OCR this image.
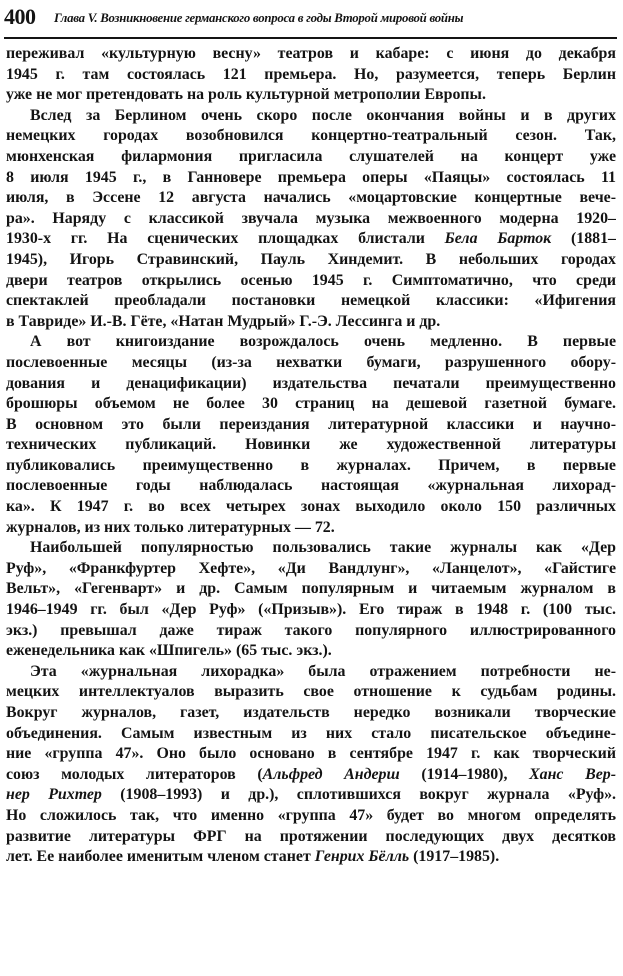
400 Глава V. Возникновение германского вопроса в годы Второй мировой войны
переживал «культурную весну» театров и кабаре: с июня до декабря
1945 г. там состоялась 121 премьера. Но, разумеется, теперь Берлин
уже не мог претендовать на роль культурной метрополии Европы.
Вслед за Берлином очень скоро после окончания войны и в других
немецких городах возобновился концертно-театральный сезон. Так,
мюнхенская филармония пригласила слушателей на концерт уже
8 июля 1945 г., в Ганновере премьера оперы «Паяцы» состоялась 11
июля, в Эссене 12 августа начались «моцартовские концертные вече-
ра». Наряду с классикой звучала музыка межвоенного модерна 1920–
1930-х гг. На сценических площадках блистали Бела Барток (1881–
1945), Игорь Стравинский, Пауль Хиндемит. В небольших городах
двери театров открылись осенью 1945 г. Симптоматично, что среди
спектаклей преобладали постановки немецкой классики: «Ифигения
в Тавриде» И.-В. Гёте, «Натан Мудрый» Г.-Э. Лессинга и др.
А вот книгоиздание возрождалось очень медленно. В первые
послевоенные месяцы (из-за нехватки бумаги, разрушенного обору-
дования и денацификации) издательства печатали преимущественно
брошюры объемом не более 30 страниц на дешевой газетной бумаге.
В основном это были переиздания литературной классики и научно-
технических публикаций. Новинки же художественной литературы
публиковались преимущественно в журналах. Причем, в первые
послевоенные годы наблюдалась настоящая «журнальная лихорад-
ка». К 1947 г. во всех четырех зонах выходило около 150 различных
журналов, из них только литературных — 72.
Наибольшей популярностью пользовались такие журналы как «Дер
Руф», «Франкфуртер Хефте», «Ди Вандлунг», «Ланцелот», «Гайстиге
Вельт», «Гегенварт» и др. Самым популярным и читаемым журналом в
1946–1949 гг. был «Дер Руф» («Призыв»). Его тираж в 1948 г. (100 тыс.
экз.) превышал даже тираж такого популярного иллюстрированного
еженедельника как «Шпигель» (65 тыс. экз.).
Эта «журнальная лихорадка» была отражением потребности не-
мецких интеллектуалов выразить свое отношение к судьбам родины.
Вокруг журналов, газет, издательств нередко возникали творческие
объединения. Самым известным из них стало писательское объедине-
ние «группа 47». Оно было основано в сентябре 1947 г. как творческий
союз молодых литераторов (Альфред Андерш (1914–1980), Ханс Вер-
нер Рихтер (1908–1993) и др.), сплотившихся вокруг журнала «Руф».
Но сложилось так, что именно «группа 47» будет во многом определять
развитие литературы ФРГ на протяжении последующих двух десятков
лет. Ее наиболее именитым членом станет Генрих Бёлль (1917–1985).
